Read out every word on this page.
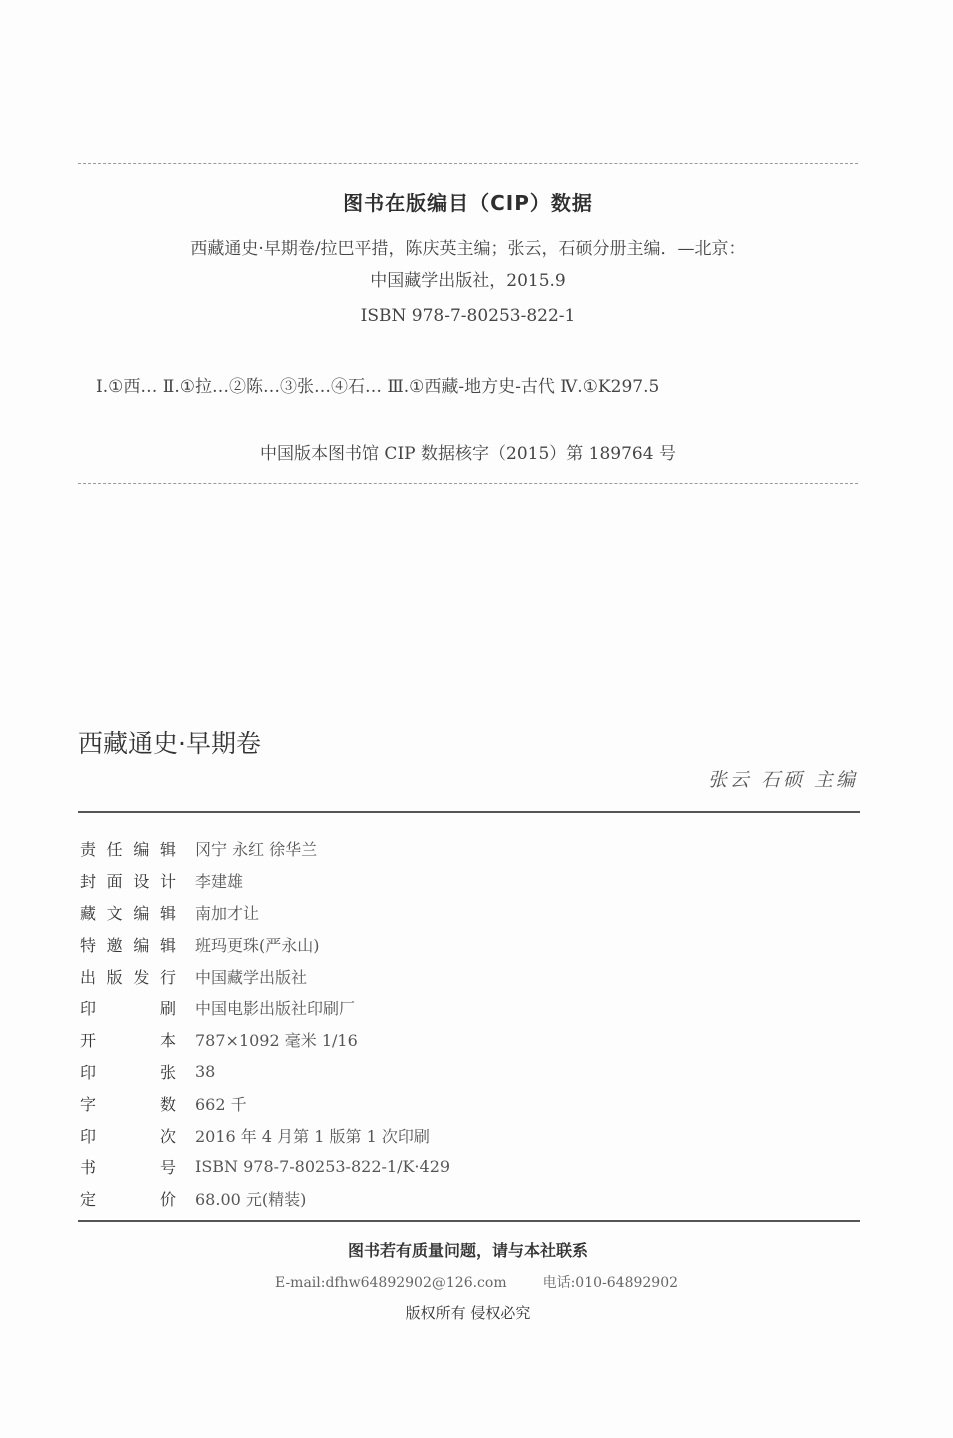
图书在版编目（CIP）数据
西藏通史·早期卷/拉巴平措，陈庆英主编；张云，石硕分册主编．—北京：
中国藏学出版社，2015.9
ISBN 978-7-80253-822-1
Ⅰ.①西… Ⅱ.①拉…②陈…③张…④石… Ⅲ.①西藏-地方史-古代 Ⅳ.①K297.5
中国版本图书馆 CIP 数据核字（2015）第 189764 号
西藏通史·早期卷
张云 石硕 主编
责 任 编 辑 冈宁 永红 徐华兰
封 面 设 计 李建雄
藏 文 编 辑 南加才让
特 邀 编 辑 班玛更珠(严永山)
出 版 发 行 中国藏学出版社
印	刷 中国电影出版社印刷厂
开	本 787×1092 毫米 1/16
印	张 38
字	数 662 千
印	次 2016 年 4 月第 1 版第 1 次印刷
书	号 ISBN 978-7-80253-822-1/K·429
定	价 68.00 元(精装)
图书若有质量问题，请与本社联系
E-mail:dfhw64892902@126.com	电话:010-64892902
版权所有 侵权必究
